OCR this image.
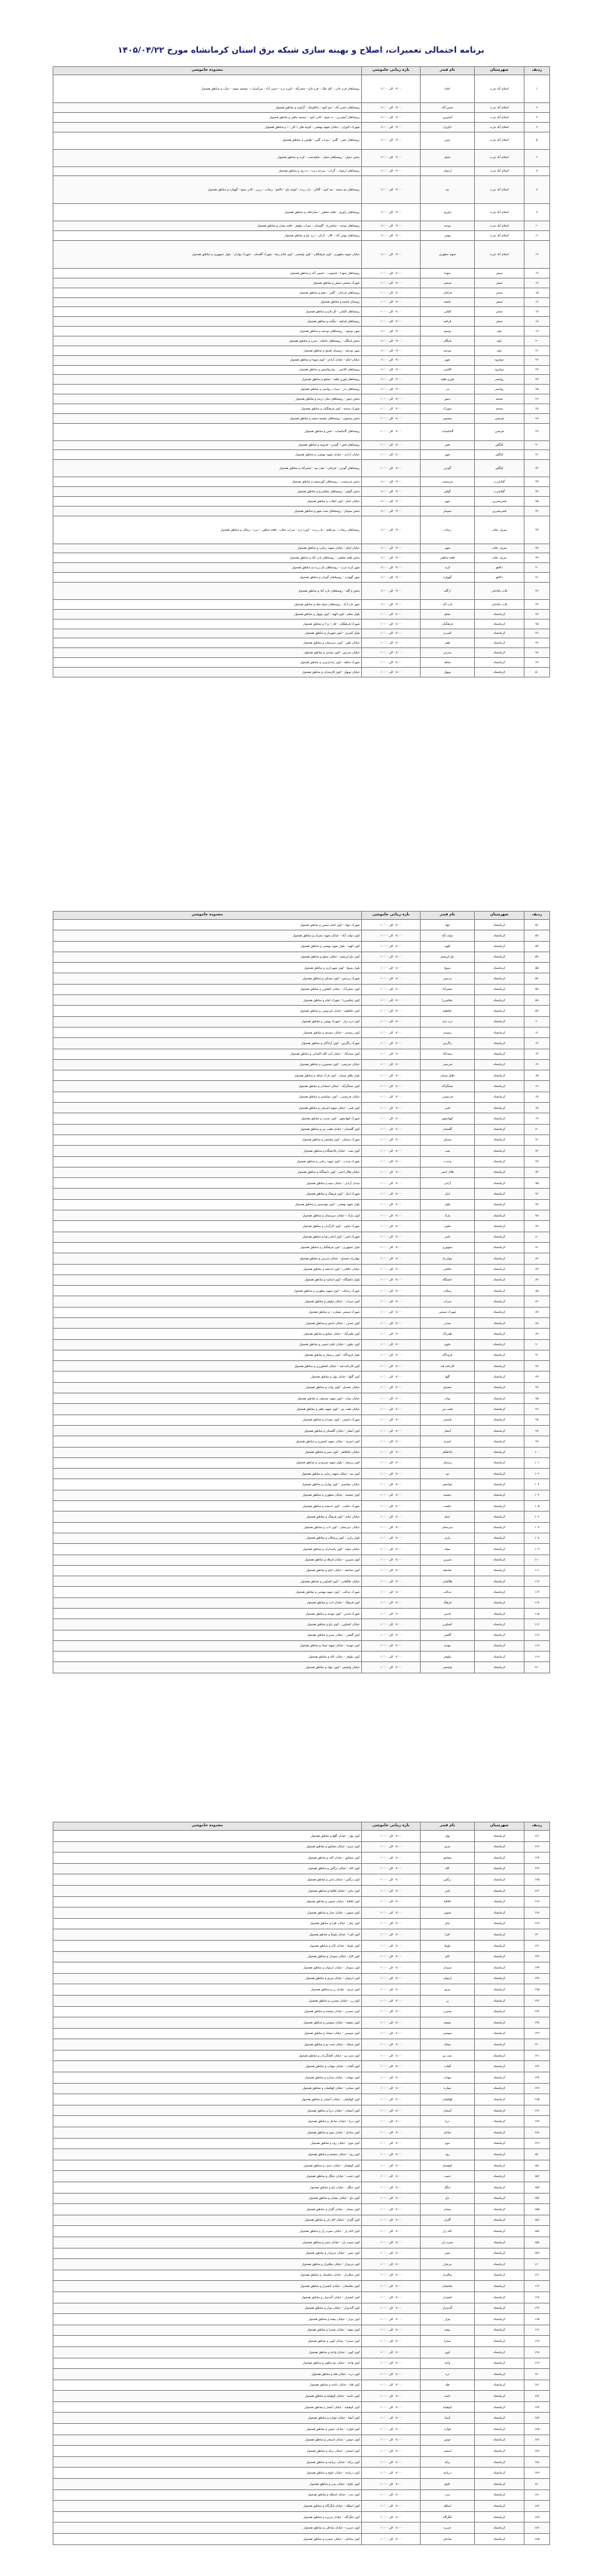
برنامه احتمالی تعمیرات، اصلاح و بهینه سازی شبکه برق استان کرمانشاه مورخ ۱۴۰۵/۰۴/۲۲
ردیف	شهرستان	نام فیدر	بازه زمانی خاموشی	محدوده خاموشی
۱	اسلام آباد غرب	اتحاد	۰۹:۰۰ الی ۱۱:۰۰	روستاهای قره خانی - کله ملک - قره بلاغ - جعفرآباد - کوره دره - حسن آباد - سرآسیاب - چشمه سفید - دوآب و مناطق همجوار
۲	اسلام آباد غرب	حسن آباد	۰۹:۰۰ الی ۱۱:۰۰	روستاهای حسن آباد - چم کبود - باباکوچک - گراوند و مناطق همجوار
۳	اسلام آباد غرب	آبشیرین	۰۹:۰۰ الی ۱۱:۰۰	روستاهای آبشیرین - ده شیخ - کانی کبود - چشمه ماهی و مناطق همجوار
۴	اسلام آباد غرب	دلاوران	۰۹:۰۰ الی ۱۱:۰۰	شهرک دلاوران - خیابان شهید بهشتی - کوچه های ۱ الی ۱۰ و مناطق همجوار
۵	اسلام آباد غرب	چمن	۰۹:۰۰ الی ۱۱:۰۰	روستاهای چمن - گلین - سراب گلین - هلشی و مناطق همجوار
۶	اسلام آباد غرب	حمیل	۰۹:۰۰ الی ۱۱:۰۰	بخش حمیل - روستاهای شیان - ماهیدشت - کرند و مناطق همجوار
۷	اسلام آباد غرب	ارغوان	۰۹:۰۰ الی ۱۱:۰۰	روستاهای ارغوان - گراب - سرخه دیزه - ده رود و مناطق همجوار
۸	اسلام آباد غرب	تپه	۰۹:۰۰ الی ۱۱:۰۰	روستاهای تپه سفید - تپه کبود - گلالی - بان زرده - کوچه باغ - دالاهو - ریجاب - زرین - کانی شیخ - گهواره و مناطق همجوار
۹	اسلام آباد غرب	ژاورود	۰۹:۰۰ الی ۱۱:۰۰	روستاهای ژاورود - قلعه شاهین - میانراهان و مناطق همجوار
۱۰	اسلام آباد غرب	توحید	۰۹:۰۰ الی ۱۱:۰۰	روستاهای توحید - چغاسرخ - گاوشان - سراب نیلوفر - قلعه شیان و مناطق همجوار
۱۱	اسلام آباد غرب	بهمن	۰۹:۰۰ الی ۱۱:۰۰	روستاهای بهمن آباد - کال - کرکی - دره باغ و مناطق همجوار
۱۲	اسلام آباد غرب	شهید مطهری	۰۹:۰۰ الی ۱۱:۰۰	خیابان شهید مطهری - کوی فرهنگیان - کوی ولیعصر - کوی امام رضا - شهرک گلستان - شهرک بهاران - بلوار جمهوری و مناطق همجوار
۱۳	سنقر	شهدا	۰۸:۰۰ الی ۱۰:۰۰	روستاهای شهدا - باینچوب - حسین آباد و مناطق همجوار
۱۴	سنقر	صنعتی	۰۸:۰۰ الی ۱۰:۰۰	شهرک صنعتی سنقر و مناطق همجوار
۱۵	سنقر	فرامان	۰۸:۰۰ الی ۱۰:۰۰	روستاهای فرامان - گلین - دهنو و مناطق همجوار
۱۶	سنقر	باغچه	۰۸:۰۰ الی ۱۰:۰۰	روستای باغچه و مناطق همجوار
۱۷	سنقر	کلیایی	۰۸:۰۰ الی ۱۰:۰۰	روستاهای کلیایی - آق بلاغ و مناطق همجوار
۱۸	سنقر	قزلجه	۰۸:۰۰ الی ۱۰:۰۰	روستاهای قزلجه - ینگجه و مناطق همجوار
۱۹	پاوه	نوسود	۰۹:۰۰ الی ۱۱:۰۰	شهر نوسود - روستاهای نودشه و مناطق همجوار
۲۰	پاوه	باینگان	۰۹:۰۰ الی ۱۱:۰۰	بخش باینگان - روستاهای خانقاه - بندره و مناطق همجوار
۲۱	پاوه	نودشه	۰۹:۰۰ الی ۱۱:۰۰	شهر نودشه - روستای هجیج و مناطق همجوار
۲۲	جوانرود	شهر	۰۹:۰۰ الی ۱۱:۰۰	خیابان امام - خیابان آزادی - کوی شهدا و مناطق همجوار
۲۳	جوانرود	کلاشی	۰۹:۰۰ الی ۱۱:۰۰	روستاهای کلاشی - ساریقامیش و مناطق همجوار
۲۴	روانسر	قوری قلعه	۰۹:۰۰ الی ۱۱:۰۰	روستاهای قوری قلعه - شاهو و مناطق همجوار
۲۵	روانسر	بدر	۰۹:۰۰ الی ۱۱:۰۰	روستاهای بدر - سراب روانسر و مناطق همجوار
۲۶	صحنه	دینور	۰۸:۰۰ الی ۱۰:۰۰	بخش دینور - روستاهای میان دربند و مناطق همجوار
۲۷	صحنه	شهرک	۰۸:۰۰ الی ۱۰:۰۰	شهرک صحنه - کوی فرهنگیان و مناطق همجوار
۲۸	هرسین	بیستون	۰۸:۰۰ الی ۱۰:۰۰	بخش بیستون - روستاهای چشمه سفید و مناطق همجوار
۲۹	هرسین	گاماسیاب	۰۸:۰۰ الی ۱۰:۰۰	روستاهای گاماسیاب - فش و مناطق همجوار
۳۰	کنگاور	فش	۰۸:۰۰ الی ۱۰:۰۰	روستاهای فش - گودین - قزوینه و مناطق همجوار
۳۱	کنگاور	شهر	۰۸:۰۰ الی ۱۰:۰۰	خیابان آزادی - خیابان شهید بهشتی و مناطق همجوار
۳۲	کنگاور	گودین	۰۸:۰۰ الی ۱۰:۰۰	روستاهای گودین - فرامان - میان تپه - جعفرآباد و مناطق همجوار
۳۳	گیلانغرب	سرمست	۰۹:۰۰ الی ۱۱:۰۰	بخش سرمست - روستاهای گورسفید و مناطق همجوار
۳۴	گیلانغرب	گواور	۰۹:۰۰ الی ۱۱:۰۰	بخش گواور - روستاهای چقاسرخ و مناطق همجوار
۳۵	قصرشیرین	شهر	۰۹:۰۰ الی ۱۱:۰۰	خیابان امام - کوی انقلاب و مناطق همجوار
۳۶	قصرشیرین	سومار	۰۹:۰۰ الی ۱۱:۰۰	بخش سومار - روستاهای نفت شهر و مناطق همجوار
۳۷	سرپل ذهاب	ریجاب	۰۹:۰۰ الی ۱۱:۰۰	روستاهای ریجاب - سرقلعه - بان زرده - کوره دره - سراب ذهاب - قلعه شاهین - دیره - زمکان و مناطق همجوار
۳۸	سرپل ذهاب	شهر	۰۹:۰۰ الی ۱۱:۰۰	خیابان امام - خیابان شهید رجایی و مناطق همجوار
۳۹	سرپل ذهاب	قلعه شاهین	۰۹:۰۰ الی ۱۱:۰۰	بخش قلعه شاهین - روستاهای تازه آباد و مناطق همجوار
۴۰	دالاهو	کرند	۰۹:۰۰ الی ۱۱:۰۰	شهر کرند غرب - روستاهای بان زرده و مناطق همجوار
۴۱	دالاهو	گهواره	۰۹:۰۰ الی ۱۱:۰۰	شهر گهواره - روستاهای گوران و مناطق همجوار
۴۲	ثلاث باباجانی	ازگله	۰۹:۰۰ الی ۱۱:۰۰	بخش ازگله - روستاهای تازه آباد و مناطق همجوار
۴۳	ثلاث باباجانی	تازه آباد	۰۹:۰۰ الی ۱۱:۰۰	شهر تازه آباد - روستاهای شیخ صله و مناطق همجوار
۴۴	کرمانشاه	معلم	۰۸:۰۰ الی ۱۰:۰۰	بلوار معلم - کوی الهیه - کوی نوبهار و مناطق همجوار
۴۵	کرمانشاه	فرهنگیان	۰۸:۰۰ الی ۱۰:۰۰	شهرک فرهنگیان - فاز ۱ و ۲ و مناطق همجوار
۴۶	کرمانشاه	کسری	۰۸:۰۰ الی ۱۰:۰۰	بلوار کسری - کوی شهریار و مناطق همجوار
۴۷	کرمانشاه	ظفر	۰۸:۰۰ الی ۱۰:۰۰	خیابان ظفر - کوی دبیرستان و مناطق همجوار
۴۸	کرمانشاه	مدرس	۰۸:۰۰ الی ۱۰:۰۰	خیابان مدرس - کوی سعدی و مناطق همجوار
۴۹	کرمانشاه	شاهد	۰۸:۰۰ الی ۱۰:۰۰	شهرک شاهد - کوی ژاندارمری و مناطق همجوار
۵۰	کرمانشاه	نوبهار	۰۸:۰۰ الی ۱۰:۰۰	خیابان نوبهار - کوی کارمندان و مناطق همجوار
ردیف	شهرستان	نام فیدر	بازه زمانی خاموشی	محدوده خاموشی
۵۱	کرمانشاه	جهاد	۰۸:۰۰ الی ۱۰:۰۰	شهرک جهاد - کوی امام حسین و مناطق همجوار
۵۲	کرمانشاه	دولت آباد	۰۸:۰۰ الی ۱۰:۰۰	کوی دولت آباد - خیابان شهید چمران و مناطق همجوار
۵۳	کرمانشاه	الهیه	۰۸:۰۰ الی ۱۰:۰۰	کوی الهیه - بلوار شهید بهشتی و مناطق همجوار
۵۴	کرمانشاه	باغ ابریشم	۰۸:۰۰ الی ۱۰:۰۰	کوی باغ ابریشم - خیابان سیلو و مناطق همجوار
۵۵	کرمانشاه	بسیج	۰۸:۰۰ الی ۱۰:۰۰	بلوار بسیج - کوی شهرداری و مناطق همجوار
۵۶	کرمانشاه	پردیس	۰۸:۰۰ الی ۱۰:۰۰	شهرک پردیس - کوی مسکن و مناطق همجوار
۵۷	کرمانشاه	جعفرآباد	۰۸:۰۰ الی ۱۰:۰۰	کوی جعفرآباد - خیابان کشاورز و مناطق همجوار
۵۸	کرمانشاه	چقامیرزا	۰۸:۰۰ الی ۱۰:۰۰	کوی چقامیرزا - شهرک امام و مناطق همجوار
۵۹	کرمانشاه	حافظیه	۰۸:۰۰ الی ۱۰:۰۰	کوی حافظیه - خیابان فردوسی و مناطق همجوار
۶۰	کرمانشاه	دره دراز	۰۸:۰۰ الی ۱۰:۰۰	کوی دره دراز - شهرک بهمنی و مناطق همجوار
۶۱	کرمانشاه	رشیدی	۰۸:۰۰ الی ۱۰:۰۰	کوی رشیدی - خیابان مصدق و مناطق همجوار
۶۲	کرمانشاه	زاگرس	۰۸:۰۰ الی ۱۰:۰۰	شهرک زاگرس - کوی آزادگان و مناطق همجوار
۶۳	کرمانشاه	سعدآباد	۰۸:۰۰ الی ۱۰:۰۰	کوی سعدآباد - خیابان آیت الله کاشانی و مناطق همجوار
۶۴	کرمانشاه	شریعتی	۰۸:۰۰ الی ۱۰:۰۰	خیابان شریعتی - کوی منصوری و مناطق همجوار
۶۵	کرمانشاه	طاق بستان	۰۸:۰۰ الی ۱۰:۰۰	بلوار طاق بستان - کوی پارک شاهد و مناطق همجوار
۶۶	کرمانشاه	عسگرآباد	۰۸:۰۰ الی ۱۰:۰۰	کوی عسگرآباد - خیابان استادان و مناطق همجوار
۶۷	کرمانشاه	فردوسی	۰۸:۰۰ الی ۱۰:۰۰	خیابان فردوسی - کوی جوانشیر و مناطق همجوار
۶۸	کرمانشاه	قنبر	۰۸:۰۰ الی ۱۰:۰۰	کوی قنبر - خیابان شهید اشرفی و مناطق همجوار
۶۹	کرمانشاه	کیهانشهر	۰۸:۰۰ الی ۱۰:۰۰	شهرک کیهانشهر - کوی صدف و مناطق همجوار
۷۰	کرمانشاه	گلستان	۰۸:۰۰ الی ۱۰:۰۰	کوی گلستان - خیابان هفت تیر و مناطق همجوار
۷۱	کرمانشاه	مسکن	۰۸:۰۰ الی ۱۰:۰۰	شهرک مسکن - کوی ولیعصر و مناطق همجوار
۷۲	کرمانشاه	نفت	۰۸:۰۰ الی ۱۰:۰۰	کوی نفت - خیابان پالایشگاه و مناطق همجوار
۷۳	کرمانشاه	وحدت	۰۸:۰۰ الی ۱۰:۰۰	شهرک وحدت - کوی شهید رجایی و مناطق همجوار
۷۴	کرمانشاه	هلال احمر	۰۸:۰۰ الی ۱۰:۰۰	خیابان هلال احمر - کوی دانشگاه و مناطق همجوار
۷۵	کرمانشاه	آزادی	۰۸:۰۰ الی ۱۰:۰۰	میدان آزادی - خیابان سپه و مناطق همجوار
۷۶	کرمانشاه	ایثار	۰۸:۰۰ الی ۱۰:۰۰	شهرک ایثار - کوی فرهنگ و مناطق همجوار
۷۷	کرمانشاه	بلوار	۰۸:۰۰ الی ۱۰:۰۰	بلوار شهید بهشتی - کوی مهندسین و مناطق همجوار
۷۸	کرمانشاه	پارک	۰۸:۰۰ الی ۱۰:۰۰	کوی پارک - خیابان دبیرستان و مناطق همجوار
۷۹	کرمانشاه	تعاون	۰۸:۰۰ الی ۱۰:۰۰	شهرک تعاون - کوی کارگران و مناطق همجوار
۸۰	کرمانشاه	ثامن	۰۸:۰۰ الی ۱۰:۰۰	شهرک ثامن - کوی امام رضا و مناطق همجوار
۸۱	کرمانشاه	جمهوری	۰۸:۰۰ الی ۱۰:۰۰	بلوار جمهوری - کوی فرهنگیان و مناطق همجوار
۸۲	کرمانشاه	چهارراه	۰۸:۰۰ الی ۱۰:۰۰	چهارراه مصدق - خیابان مدرس و مناطق همجوار
۸۳	کرمانشاه	خاقانی	۰۸:۰۰ الی ۱۰:۰۰	خیابان خاقانی - کوی اندیشه و مناطق همجوار
۸۴	کرمانشاه	دانشگاه	۰۸:۰۰ الی ۱۰:۰۰	بلوار دانشگاه - کوی اساتید و مناطق همجوار
۸۵	کرمانشاه	رسالت	۰۸:۰۰ الی ۱۰:۰۰	شهرک رسالت - کوی شهید مطهری و مناطق همجوار
۸۶	کرمانشاه	سراب	۰۸:۰۰ الی ۱۰:۰۰	کوی سراب - خیابان نیلوفر و مناطق همجوار
۸۷	کرمانشاه	شهرک صنعتی	۰۸:۰۰ الی ۱۰:۰۰	شهرک صنعتی شماره ۱ و مناطق همجوار
۸۸	کرمانشاه	صدف	۰۸:۰۰ الی ۱۰:۰۰	کوی صدف - خیابان دانش و مناطق همجوار
۸۹	کرمانشاه	ظفرآباد	۰۸:۰۰ الی ۱۰:۰۰	کوی ظفرآباد - خیابان صنایع و مناطق همجوار
۹۰	کرمانشاه	علوی	۰۸:۰۰ الی ۱۰:۰۰	کوی علوی - خیابان امام خمینی و مناطق همجوار
۹۱	کرمانشاه	فرودگاه	۰۸:۰۰ الی ۱۰:۰۰	بلوار فرودگاه - کوی پرستار و مناطق همجوار
۹۲	کرمانشاه	کارخانه قند	۰۸:۰۰ الی ۱۰:۰۰	کوی کارخانه قند - خیابان کشاورزی و مناطق همجوار
۹۳	کرمانشاه	گلها	۰۸:۰۰ الی ۱۰:۰۰	کوی گلها - خیابان بهار و مناطق همجوار
۹۴	کرمانشاه	مصدق	۰۸:۰۰ الی ۱۰:۰۰	خیابان مصدق - کوی نواب و مناطق همجوار
۹۵	کرمانشاه	نواب	۰۸:۰۰ الی ۱۰:۰۰	خیابان نواب - کوی شهید صدوقی و مناطق همجوار
۹۶	کرمانشاه	هفت تیر	۰۸:۰۰ الی ۱۰:۰۰	خیابان هفت تیر - کوی شهید باهنر و مناطق همجوار
۹۷	کرمانشاه	یاسمن	۰۸:۰۰ الی ۱۰:۰۰	شهرک یاسمن - کوی سپیدار و مناطق همجوار
۹۸	کرمانشاه	آبشار	۰۸:۰۰ الی ۱۰:۰۰	کوی آبشار - خیابان گلستان و مناطق همجوار
۹۹	کرمانشاه	امیریه	۰۸:۰۰ الی ۱۰:۰۰	کوی امیریه - خیابان شهید کشوری و مناطق همجوار
۱۰۰	کرمانشاه	باباطاهر	۰۸:۰۰ الی ۱۰:۰۰	خیابان باباطاهر - کوی نصر و مناطق همجوار
۱۰۱	کرمانشاه	پرستار	۰۸:۰۰ الی ۱۰:۰۰	کوی پرستار - بلوار شهید شیرودی و مناطق همجوار
۱۰۲	کرمانشاه	تپه	۰۸:۰۰ الی ۱۰:۰۰	کوی تپه - خیابان شهید رجایی و مناطق همجوار
۱۰۳	کرمانشاه	جوانشیر	۰۸:۰۰ الی ۱۰:۰۰	خیابان جوانشیر - کوی بهاران و مناطق همجوار
۱۰۴	کرمانشاه	چشمه	۰۸:۰۰ الی ۱۰:۰۰	کوی چشمه - خیابان مطهری و مناطق همجوار
۱۰۵	کرمانشاه	حکمت	۰۸:۰۰ الی ۱۰:۰۰	شهرک حکمت - کوی اندیشه و مناطق همجوار
۱۰۶	کرمانشاه	خیام	۰۸:۰۰ الی ۱۰:۰۰	خیابان خیام - کوی فرهنگ و مناطق همجوار
۱۰۷	کرمانشاه	دبیرستان	۰۸:۰۰ الی ۱۰:۰۰	خیابان دبیرستان - کوی ادب و مناطق همجوار
۱۰۸	کرمانشاه	رازی	۰۸:۰۰ الی ۱۰:۰۰	بلوار رازی - کوی پزشکان و مناطق همجوار
۱۰۹	کرمانشاه	سپاه	۰۸:۰۰ الی ۱۰:۰۰	خیابان سپاه - کوی پاسداران و مناطق همجوار
۱۱۰	کرمانشاه	شیرین	۰۸:۰۰ الی ۱۰:۰۰	کوی شیرین - خیابان فرهاد و مناطق همجوار
۱۱۱	کرمانشاه	صادقیه	۰۸:۰۰ الی ۱۰:۰۰	کوی صادقیه - خیابان امام و مناطق همجوار
۱۱۲	کرمانشاه	طالقانی	۰۸:۰۰ الی ۱۰:۰۰	خیابان طالقانی - کوی کشاورز و مناطق همجوار
۱۱۳	کرمانشاه	عدالت	۰۸:۰۰ الی ۱۰:۰۰	شهرک عدالت - کوی شهید بهشتی و مناطق همجوار
۱۱۴	کرمانشاه	فرهنگ	۰۸:۰۰ الی ۱۰:۰۰	کوی فرهنگ - خیابان ادب و مناطق همجوار
۱۱۵	کرمانشاه	قدس	۰۸:۰۰ الی ۱۰:۰۰	شهرک قدس - کوی مهدیه و مناطق همجوار
۱۱۶	کرمانشاه	کشاورز	۰۸:۰۰ الی ۱۰:۰۰	خیابان کشاورز - کوی باغ و مناطق همجوار
۱۱۷	کرمانشاه	گلشن	۰۸:۰۰ الی ۱۰:۰۰	کوی گلشن - خیابان سرو و مناطق همجوار
۱۱۸	کرمانشاه	مهدیه	۰۸:۰۰ الی ۱۰:۰۰	کوی مهدیه - خیابان شهید صیاد و مناطق همجوار
۱۱۹	کرمانشاه	نیلوفر	۰۸:۰۰ الی ۱۰:۰۰	کوی نیلوفر - خیابان لاله و مناطق همجوار
۱۲۰	کرمانشاه	ولیعصر	۰۸:۰۰ الی ۱۰:۰۰	خیابان ولیعصر - کوی جهاد و مناطق همجوار
ردیف	شهرستان	نام فیدر	بازه زمانی خاموشی	محدوده خاموشی
۱۲۱	کرمانشاه	بهار	۰۸:۰۰ الی ۱۰:۰۰	کوی بهار - خیابان گلها و مناطق همجوار
۱۲۲	کرمانشاه	سرو	۰۸:۰۰ الی ۱۰:۰۰	کوی سرو - خیابان شقایق و مناطق همجوار
۱۲۳	کرمانشاه	شقایق	۰۸:۰۰ الی ۱۰:۰۰	کوی شقایق - خیابان لاله و مناطق همجوار
۱۲۴	کرمانشاه	لاله	۰۸:۰۰ الی ۱۰:۰۰	کوی لاله - خیابان نرگس و مناطق همجوار
۱۲۵	کرمانشاه	نرگس	۰۸:۰۰ الی ۱۰:۰۰	کوی نرگس - خیابان یاس و مناطق همجوار
۱۲۶	کرمانشاه	یاس	۰۸:۰۰ الی ۱۰:۰۰	کوی یاس - خیابان اقاقیا و مناطق همجوار
۱۲۷	کرمانشاه	اقاقیا	۰۸:۰۰ الی ۱۰:۰۰	کوی اقاقیا - خیابان صنوبر و مناطق همجوار
۱۲۸	کرمانشاه	صنوبر	۰۸:۰۰ الی ۱۰:۰۰	کوی صنوبر - خیابان چنار و مناطق همجوار
۱۲۹	کرمانشاه	چنار	۰۸:۰۰ الی ۱۰:۰۰	کوی چنار - خیابان افرا و مناطق همجوار
۱۳۰	کرمانشاه	افرا	۰۸:۰۰ الی ۱۰:۰۰	کوی افرا - خیابان بلوط و مناطق همجوار
۱۳۱	کرمانشاه	بلوط	۰۸:۰۰ الی ۱۰:۰۰	کوی بلوط - خیابان کاج و مناطق همجوار
۱۳۲	کرمانشاه	کاج	۰۸:۰۰ الی ۱۰:۰۰	کوی کاج - خیابان سپیدار و مناطق همجوار
۱۳۳	کرمانشاه	سپیدار	۰۸:۰۰ الی ۱۰:۰۰	کوی سپیدار - خیابان ارغوان و مناطق همجوار
۱۳۴	کرمانشاه	ارغوان	۰۸:۰۰ الی ۱۰:۰۰	کوی ارغوان - خیابان مریم و مناطق همجوار
۱۳۵	کرمانشاه	مریم	۰۸:۰۰ الی ۱۰:۰۰	کوی مریم - خیابان رز و مناطق همجوار
۱۳۶	کرمانشاه	رز	۰۸:۰۰ الی ۱۰:۰۰	کوی رز - خیابان نسترن و مناطق همجوار
۱۳۷	کرمانشاه	نسترن	۰۸:۰۰ الی ۱۰:۰۰	کوی نسترن - خیابان بنفشه و مناطق همجوار
۱۳۸	کرمانشاه	بنفشه	۰۸:۰۰ الی ۱۰:۰۰	کوی بنفشه - خیابان سوسن و مناطق همجوار
۱۳۹	کرمانشاه	سوسن	۰۸:۰۰ الی ۱۰:۰۰	کوی سوسن - خیابان میخک و مناطق همجوار
۱۴۰	کرمانشاه	میخک	۰۸:۰۰ الی ۱۰:۰۰	کوی میخک - خیابان شب بو و مناطق همجوار
۱۴۱	کرمانشاه	شب بو	۰۸:۰۰ الی ۱۰:۰۰	کوی شب بو - خیابان آفتابگردان و مناطق همجوار
۱۴۲	کرمانشاه	آفتاب	۰۸:۰۰ الی ۱۰:۰۰	کوی آفتاب - خیابان مهتاب و مناطق همجوار
۱۴۳	کرمانشاه	مهتاب	۰۸:۰۰ الی ۱۰:۰۰	کوی مهتاب - خیابان ستاره و مناطق همجوار
۱۴۴	کرمانشاه	ستاره	۰۸:۰۰ الی ۱۰:۰۰	کوی ستاره - خیابان کهکشان و مناطق همجوار
۱۴۵	کرمانشاه	کهکشان	۰۸:۰۰ الی ۱۰:۰۰	کوی کهکشان - خیابان آسمان و مناطق همجوار
۱۴۶	کرمانشاه	آسمان	۰۸:۰۰ الی ۱۰:۰۰	کوی آسمان - خیابان دریا و مناطق همجوار
۱۴۷	کرمانشاه	دریا	۰۸:۰۰ الی ۱۰:۰۰	کوی دریا - خیابان ساحل و مناطق همجوار
۱۴۸	کرمانشاه	ساحل	۰۸:۰۰ الی ۱۰:۰۰	کوی ساحل - خیابان موج و مناطق همجوار
۱۴۹	کرمانشاه	موج	۰۸:۰۰ الی ۱۰:۰۰	کوی موج - خیابان رود و مناطق همجوار
۱۵۰	کرمانشاه	رود	۰۸:۰۰ الی ۱۰:۰۰	کوی رود - خیابان چشمه و مناطق همجوار
۱۵۱	کرمانشاه	کوهسار	۰۸:۰۰ الی ۱۰:۰۰	کوی کوهسار - خیابان دشت و مناطق همجوار
۱۵۲	کرمانشاه	دشت	۰۸:۰۰ الی ۱۰:۰۰	کوی دشت - خیابان جنگل و مناطق همجوار
۱۵۳	کرمانشاه	جنگل	۰۸:۰۰ الی ۱۰:۰۰	کوی جنگل - خیابان باغ و مناطق همجوار
۱۵۴	کرمانشاه	باغ	۰۸:۰۰ الی ۱۰:۰۰	کوی باغ - خیابان بستان و مناطق همجوار
۱۵۵	کرمانشاه	بستان	۰۸:۰۰ الی ۱۰:۰۰	کوی بستان - خیابان گلزار و مناطق همجوار
۱۵۶	کرمانشاه	گلزار	۰۸:۰۰ الی ۱۰:۰۰	کوی گلزار - خیابان لاله زار و مناطق همجوار
۱۵۷	کرمانشاه	لاله زار	۰۸:۰۰ الی ۱۰:۰۰	کوی لاله زار - خیابان سبزه زار و مناطق همجوار
۱۵۸	کرمانشاه	سبزه زار	۰۸:۰۰ الی ۱۰:۰۰	کوی سبزه زار - خیابان چمن و مناطق همجوار
۱۵۹	کرمانشاه	چمن	۰۸:۰۰ الی ۱۰:۰۰	کوی چمن - خیابان مرغزار و مناطق همجوار
۱۶۰	کرمانشاه	مرغزار	۰۸:۰۰ الی ۱۰:۰۰	کوی مرغزار - خیابان شالیزار و مناطق همجوار
۱۶۱	کرمانشاه	شالیزار	۰۸:۰۰ الی ۱۰:۰۰	کوی شالیزار - خیابان نخلستان و مناطق همجوار
۱۶۲	کرمانشاه	نخلستان	۰۸:۰۰ الی ۱۰:۰۰	کوی نخلستان - خیابان کشتزار و مناطق همجوار
۱۶۳	کرمانشاه	کشتزار	۰۸:۰۰ الی ۱۰:۰۰	کوی کشتزار - خیابان گندمزار و مناطق همجوار
۱۶۴	کرمانشاه	گندمزار	۰۸:۰۰ الی ۱۰:۰۰	کوی گندمزار - خیابان نیزار و مناطق همجوار
۱۶۵	کرمانشاه	نیزار	۰۸:۰۰ الی ۱۰:۰۰	کوی نیزار - خیابان بیشه و مناطق همجوار
۱۶۶	کرمانشاه	بیشه	۰۸:۰۰ الی ۱۰:۰۰	کوی بیشه - خیابان صحرا و مناطق همجوار
۱۶۷	کرمانشاه	صحرا	۰۸:۰۰ الی ۱۰:۰۰	کوی صحرا - خیابان کویر و مناطق همجوار
۱۶۸	کرمانشاه	کویر	۰۸:۰۰ الی ۱۰:۰۰	کوی کویر - خیابان واحه و مناطق همجوار
۱۶۹	کرمانشاه	واحه	۰۸:۰۰ الی ۱۰:۰۰	کوی واحه - خیابان تپه ماهور و مناطق همجوار
۱۷۰	کرمانشاه	دره	۰۸:۰۰ الی ۱۰:۰۰	کوی دره - خیابان قله و مناطق همجوار
۱۷۱	کرمانشاه	قله	۰۸:۰۰ الی ۱۰:۰۰	کوی قله - خیابان دامنه و مناطق همجوار
۱۷۲	کرمانشاه	دامنه	۰۸:۰۰ الی ۱۰:۰۰	کوی دامنه - خیابان کوهپایه و مناطق همجوار
۱۷۳	کرمانشاه	کوهپایه	۰۸:۰۰ الی ۱۰:۰۰	کوی کوهپایه - خیابان آبشار و مناطق همجوار
۱۷۴	کرمانشاه	آبنما	۰۸:۰۰ الی ۱۰:۰۰	کوی آبنما - خیابان فواره و مناطق همجوار
۱۷۵	کرمانشاه	فواره	۰۸:۰۰ الی ۱۰:۰۰	کوی فواره - خیابان حوض و مناطق همجوار
۱۷۶	کرمانشاه	حوض	۰۸:۰۰ الی ۱۰:۰۰	کوی حوض - خیابان استخر و مناطق همجوار
۱۷۷	کرمانشاه	استخر	۰۸:۰۰ الی ۱۰:۰۰	کوی استخر - خیابان برکه و مناطق همجوار
۱۷۸	کرمانشاه	برکه	۰۸:۰۰ الی ۱۰:۰۰	کوی برکه - خیابان دریاچه و مناطق همجوار
۱۷۹	کرمانشاه	دریاچه	۰۸:۰۰ الی ۱۰:۰۰	کوی دریاچه - خیابان خلیج و مناطق همجوار
۱۸۰	کرمانشاه	خلیج	۰۸:۰۰ الی ۱۰:۰۰	کوی خلیج - خیابان بندر و مناطق همجوار
۱۸۱	کرمانشاه	بندر	۰۸:۰۰ الی ۱۰:۰۰	کوی بندر - خیابان اسکله و مناطق همجوار
۱۸۲	کرمانشاه	اسکله	۰۸:۰۰ الی ۱۰:۰۰	کوی اسکله - خیابان لنگرگاه و مناطق همجوار
۱۸۳	کرمانشاه	لنگرگاه	۰۸:۰۰ الی ۱۰:۰۰	کوی لنگرگاه - خیابان جزیره و مناطق همجوار
۱۸۴	کرمانشاه	جزیره	۰۸:۰۰ الی ۱۰:۰۰	کوی جزیره - خیابان ساحلی و مناطق همجوار
۱۸۵	کرمانشاه	ساحلی	۰۸:۰۰ الی ۱۰:۰۰	کوی ساحلی - خیابان صخره و مناطق همجوار
